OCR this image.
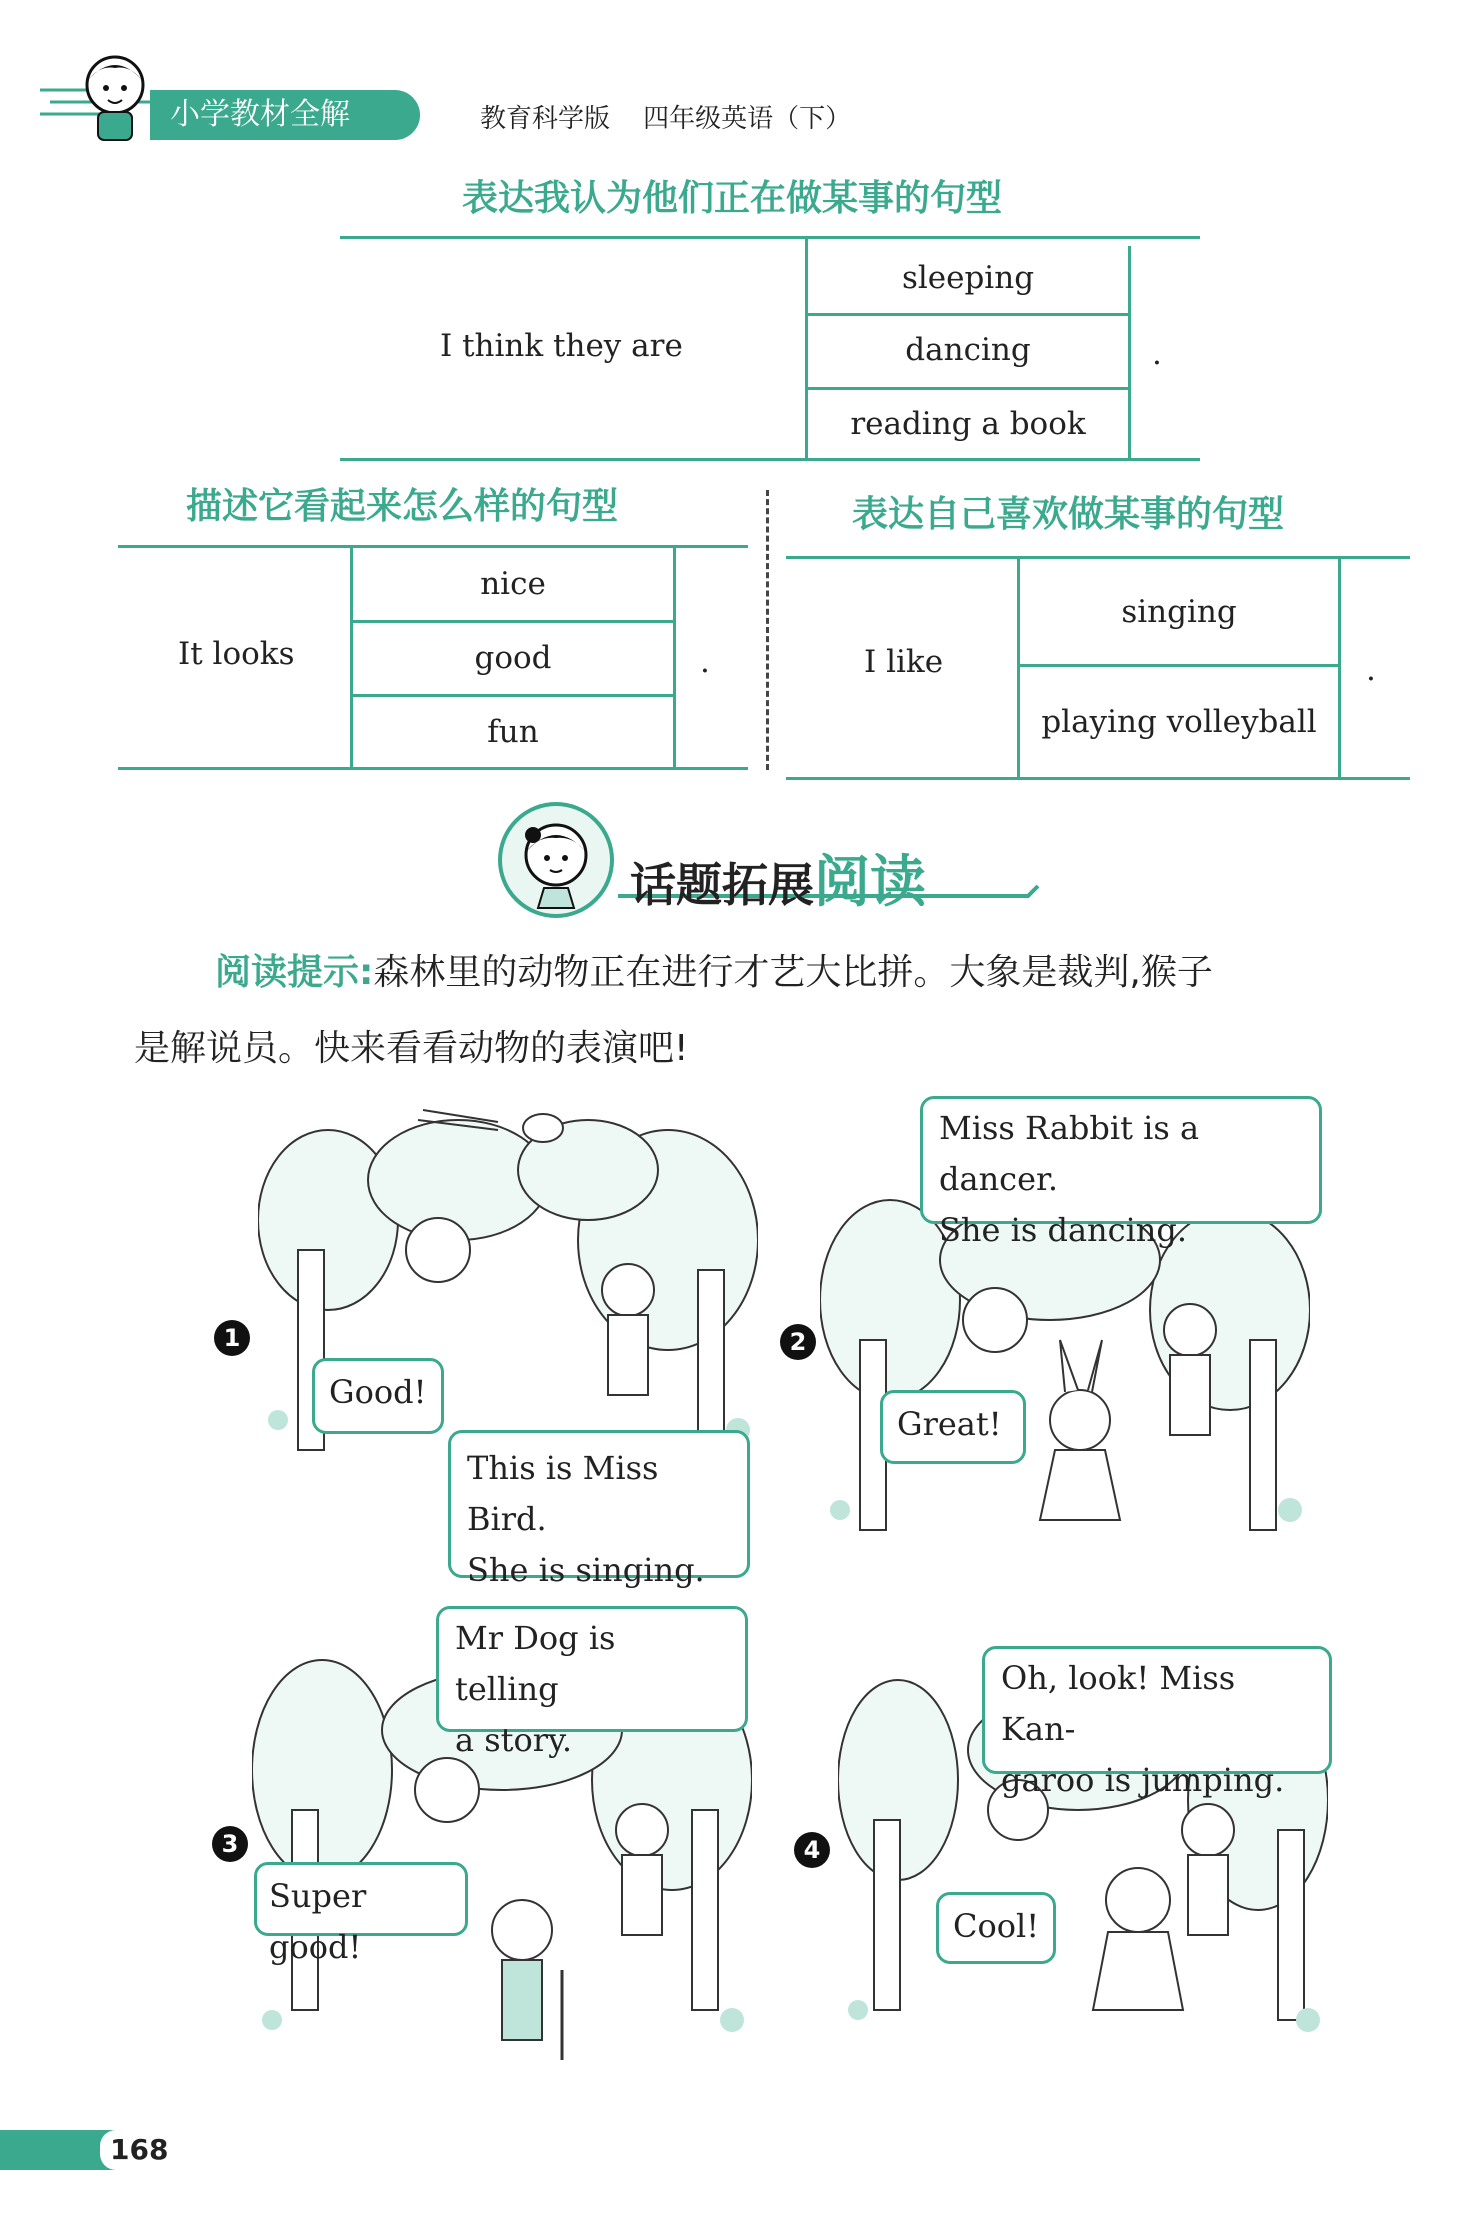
小学教材全解	教育科学版 四年级英语（下）
表达我认为他们正在做某事的句型
I think they are
sleeping
dancing
reading a book
.
描述它看起来怎么样的句型
It looks
nice
good
fun
.
表达自己喜欢做某事的句型
I like
singing
playing volleyball
.
话题拓展阅读
阅读提示:森林里的动物正在进行才艺大比拼。大象是裁判,猴子
是解说员。快来看看动物的表演吧!
1
Good!
This is Miss Bird.
She is singing.
2
Miss Rabbit is a dancer.
She is dancing.
Great!
3
Mr Dog is telling
a story.
Super good!
4
Oh, look! Miss Kan-
garoo is jumping.
Cool!
168
